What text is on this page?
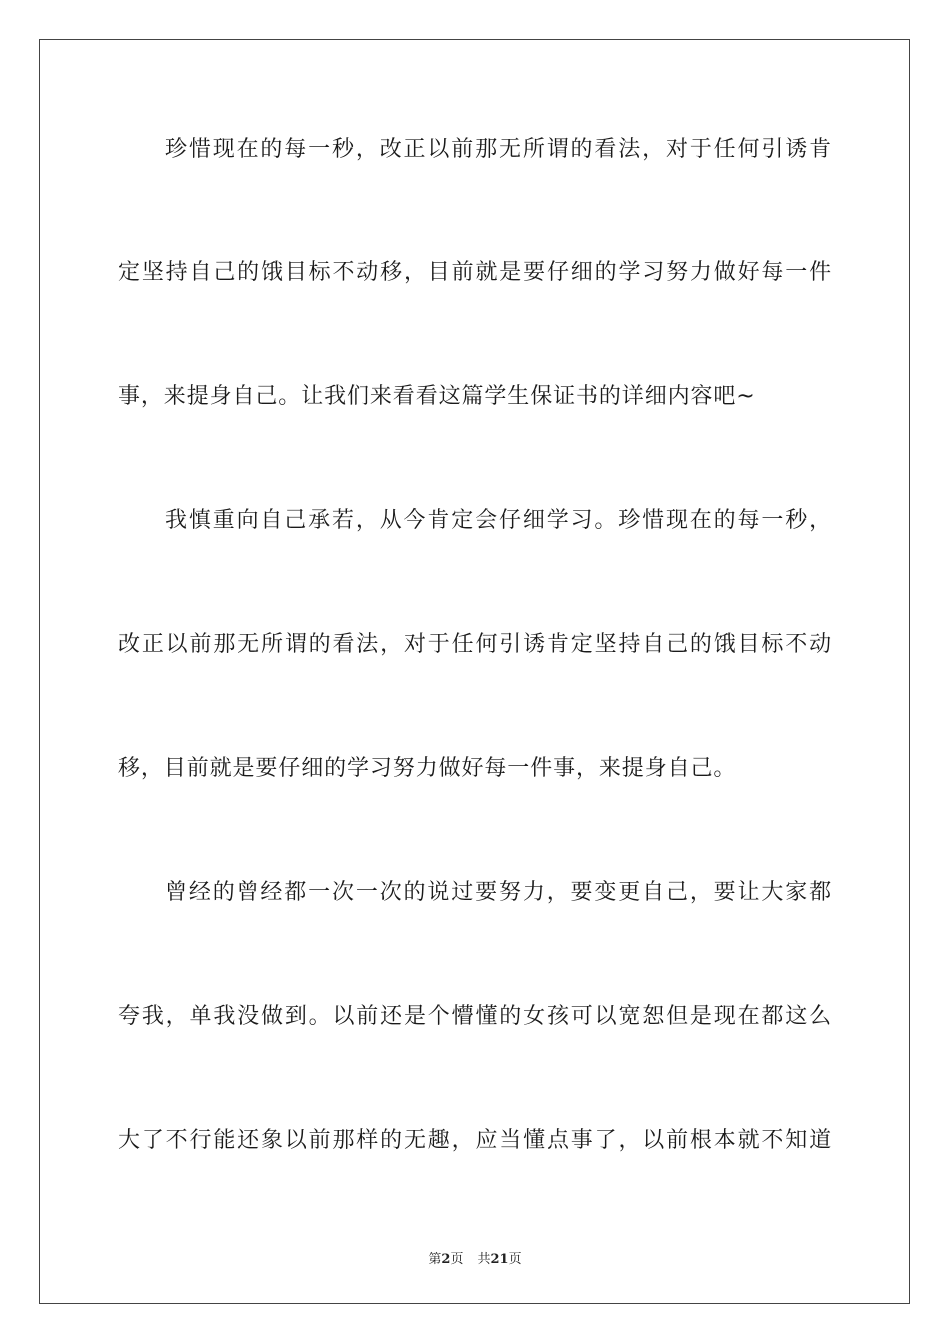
珍惜现在的每一秒，改正以前那无所谓的看法，对于任何引诱肯
定坚持自己的饿目标不动移，目前就是要仔细的学习努力做好每一件
事，来提身自己。让我们来看看这篇学生保证书的详细内容吧~
我慎重向自己承若，从今肯定会仔细学习。珍惜现在的每一秒，
改正以前那无所谓的看法，对于任何引诱肯定坚持自己的饿目标不动
移，目前就是要仔细的学习努力做好每一件事，来提身自己。
曾经的曾经都一次一次的说过要努力，要变更自己，要让大家都
夸我，单我没做到。以前还是个懵懂的女孩可以宽恕但是现在都这么
大了不行能还象以前那样的无趣，应当懂点事了，以前根本就不知道
第2页 共21页
